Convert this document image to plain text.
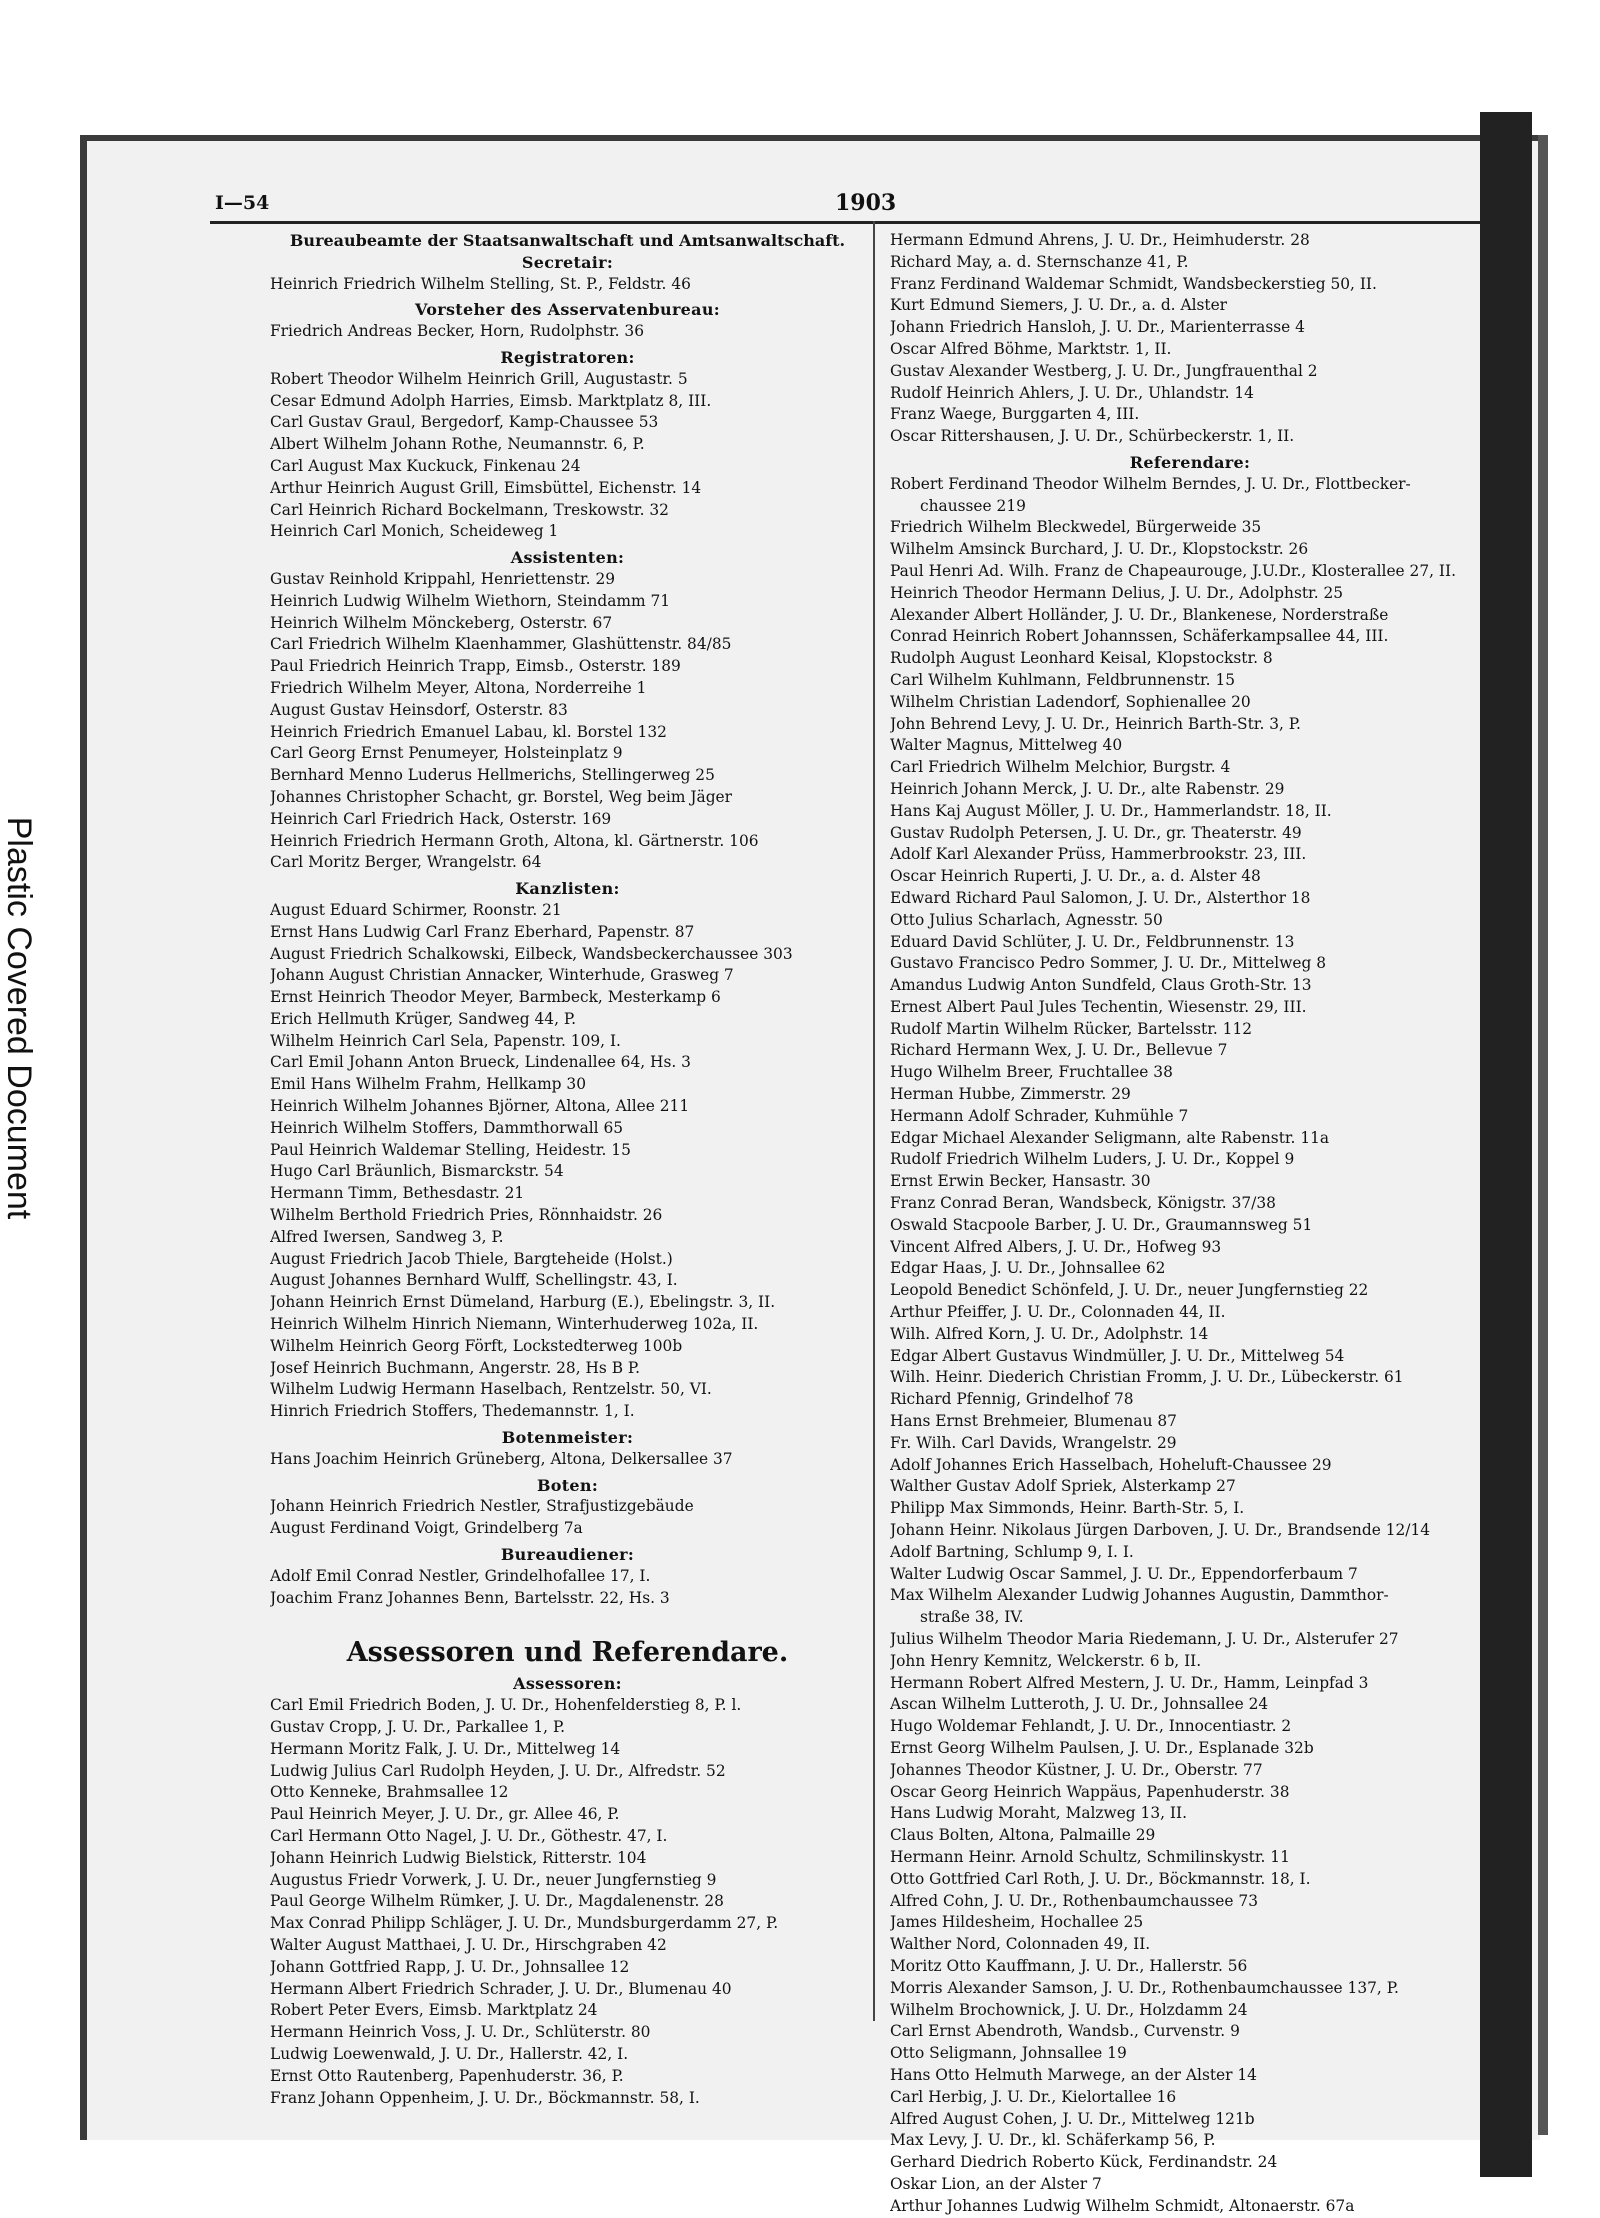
Plastic Covered Document
I—54	1903
Bureaubeamte der Staatsanwaltschaft und Amtsanwaltschaft.
Secretair:
Heinrich Friedrich Wilhelm Stelling, St. P., Feldstr. 46
Vorsteher des Asservatenbureau:
Friedrich Andreas Becker, Horn, Rudolphstr. 36
Registratoren:
Robert Theodor Wilhelm Heinrich Grill, Augustastr. 5
Cesar Edmund Adolph Harries, Eimsb. Marktplatz 8, III.
Carl Gustav Graul, Bergedorf, Kamp-Chaussee 53
Albert Wilhelm Johann Rothe, Neumannstr. 6, P.
Carl August Max Kuckuck, Finkenau 24
Arthur Heinrich August Grill, Eimsbüttel, Eichenstr. 14
Carl Heinrich Richard Bockelmann, Treskowstr. 32
Heinrich Carl Monich, Scheideweg 1
Assistenten:
Gustav Reinhold Krippahl, Henriettenstr. 29
Heinrich Ludwig Wilhelm Wiethorn, Steindamm 71
Heinrich Wilhelm Mönckeberg, Osterstr. 67
Carl Friedrich Wilhelm Klaenhammer, Glashüttenstr. 84/85
Paul Friedrich Heinrich Trapp, Eimsb., Osterstr. 189
Friedrich Wilhelm Meyer, Altona, Norderreihe 1
August Gustav Heinsdorf, Osterstr. 83
Heinrich Friedrich Emanuel Labau, kl. Borstel 132
Carl Georg Ernst Penumeyer, Holsteinplatz 9
Bernhard Menno Luderus Hellmerichs, Stellingerweg 25
Johannes Christopher Schacht, gr. Borstel, Weg beim Jäger
Heinrich Carl Friedrich Hack, Osterstr. 169
Heinrich Friedrich Hermann Groth, Altona, kl. Gärtnerstr. 106
Carl Moritz Berger, Wrangelstr. 64
Kanzlisten:
August Eduard Schirmer, Roonstr. 21
Ernst Hans Ludwig Carl Franz Eberhard, Papenstr. 87
August Friedrich Schalkowski, Eilbeck, Wandsbeckerchaussee 303
Johann August Christian Annacker, Winterhude, Grasweg 7
Ernst Heinrich Theodor Meyer, Barmbeck, Mesterkamp 6
Erich Hellmuth Krüger, Sandweg 44, P.
Wilhelm Heinrich Carl Sela, Papenstr. 109, I.
Carl Emil Johann Anton Brueck, Lindenallee 64, Hs. 3
Emil Hans Wilhelm Frahm, Hellkamp 30
Heinrich Wilhelm Johannes Björner, Altona, Allee 211
Heinrich Wilhelm Stoffers, Dammthorwall 65
Paul Heinrich Waldemar Stelling, Heidestr. 15
Hugo Carl Bräunlich, Bismarckstr. 54
Hermann Timm, Bethesdastr. 21
Wilhelm Berthold Friedrich Pries, Rönnhaidstr. 26
Alfred Iwersen, Sandweg 3, P.
August Friedrich Jacob Thiele, Bargteheide (Holst.)
August Johannes Bernhard Wulff, Schellingstr. 43, I.
Johann Heinrich Ernst Dümeland, Harburg (E.), Ebelingstr. 3, II.
Heinrich Wilhelm Hinrich Niemann, Winterhuderweg 102a, II.
Wilhelm Heinrich Georg Förft, Lockstedterweg 100b
Josef Heinrich Buchmann, Angerstr. 28, Hs B P.
Wilhelm Ludwig Hermann Haselbach, Rentzelstr. 50, VI.
Hinrich Friedrich Stoffers, Thedemannstr. 1, I.
Botenmeister:
Hans Joachim Heinrich Grüneberg, Altona, Delkersallee 37
Boten:
Johann Heinrich Friedrich Nestler, Strafjustizgebäude
August Ferdinand Voigt, Grindelberg 7a
Bureaudiener:
Adolf Emil Conrad Nestler, Grindelhofallee 17, I.
Joachim Franz Johannes Benn, Bartelsstr. 22, Hs. 3
Assessoren und Referendare.
Assessoren:
Carl Emil Friedrich Boden, J. U. Dr., Hohenfelderstieg 8, P. l.
Gustav Cropp, J. U. Dr., Parkallee 1, P.
Hermann Moritz Falk, J. U. Dr., Mittelweg 14
Ludwig Julius Carl Rudolph Heyden, J. U. Dr., Alfredstr. 52
Otto Kenneke, Brahmsallee 12
Paul Heinrich Meyer, J. U. Dr., gr. Allee 46, P.
Carl Hermann Otto Nagel, J. U. Dr., Göthestr. 47, I.
Johann Heinrich Ludwig Bielstick, Ritterstr. 104
Augustus Friedr Vorwerk, J. U. Dr., neuer Jungfernstieg 9
Paul George Wilhelm Rümker, J. U. Dr., Magdalenenstr. 28
Max Conrad Philipp Schläger, J. U. Dr., Mundsburgerdamm 27, P.
Walter August Matthaei, J. U. Dr., Hirschgraben 42
Johann Gottfried Rapp, J. U. Dr., Johnsallee 12
Hermann Albert Friedrich Schrader, J. U. Dr., Blumenau 40
Robert Peter Evers, Eimsb. Marktplatz 24
Hermann Heinrich Voss, J. U. Dr., Schlüterstr. 80
Ludwig Loewenwald, J. U. Dr., Hallerstr. 42, I.
Ernst Otto Rautenberg, Papenhuderstr. 36, P.
Franz Johann Oppenheim, J. U. Dr., Böckmannstr. 58, I.
Hermann Edmund Ahrens, J. U. Dr., Heimhuderstr. 28
Richard May, a. d. Sternschanze 41, P.
Franz Ferdinand Waldemar Schmidt, Wandsbeckerstieg 50, II.
Kurt Edmund Siemers, J. U. Dr., a. d. Alster
Johann Friedrich Hansloh, J. U. Dr., Marienterrasse 4
Oscar Alfred Böhme, Marktstr. 1, II.
Gustav Alexander Westberg, J. U. Dr., Jungfrauenthal 2
Rudolf Heinrich Ahlers, J. U. Dr., Uhlandstr. 14
Franz Waege, Burggarten 4, III.
Oscar Rittershausen, J. U. Dr., Schürbeckerstr. 1, II.
Referendare:
Robert Ferdinand Theodor Wilhelm Berndes, J. U. Dr., Flottbecker-
chaussee 219
Friedrich Wilhelm Bleckwedel, Bürgerweide 35
Wilhelm Amsinck Burchard, J. U. Dr., Klopstockstr. 26
Paul Henri Ad. Wilh. Franz de Chapeaurouge, J.U.Dr., Klosterallee 27, II.
Heinrich Theodor Hermann Delius, J. U. Dr., Adolphstr. 25
Alexander Albert Holländer, J. U. Dr., Blankenese, Norderstraße
Conrad Heinrich Robert Johannssen, Schäferkampsallee 44, III.
Rudolph August Leonhard Keisal, Klopstockstr. 8
Carl Wilhelm Kuhlmann, Feldbrunnenstr. 15
Wilhelm Christian Ladendorf, Sophienallee 20
John Behrend Levy, J. U. Dr., Heinrich Barth-Str. 3, P.
Walter Magnus, Mittelweg 40
Carl Friedrich Wilhelm Melchior, Burgstr. 4
Heinrich Johann Merck, J. U. Dr., alte Rabenstr. 29
Hans Kaj August Möller, J. U. Dr., Hammerlandstr. 18, II.
Gustav Rudolph Petersen, J. U. Dr., gr. Theaterstr. 49
Adolf Karl Alexander Prüss, Hammerbrookstr. 23, III.
Oscar Heinrich Ruperti, J. U. Dr., a. d. Alster 48
Edward Richard Paul Salomon, J. U. Dr., Alsterthor 18
Otto Julius Scharlach, Agnesstr. 50
Eduard David Schlüter, J. U. Dr., Feldbrunnenstr. 13
Gustavo Francisco Pedro Sommer, J. U. Dr., Mittelweg 8
Amandus Ludwig Anton Sundfeld, Claus Groth-Str. 13
Ernest Albert Paul Jules Techentin, Wiesenstr. 29, III.
Rudolf Martin Wilhelm Rücker, Bartelsstr. 112
Richard Hermann Wex, J. U. Dr., Bellevue 7
Hugo Wilhelm Breer, Fruchtallee 38
Herman Hubbe, Zimmerstr. 29
Hermann Adolf Schrader, Kuhmühle 7
Edgar Michael Alexander Seligmann, alte Rabenstr. 11a
Rudolf Friedrich Wilhelm Luders, J. U. Dr., Koppel 9
Ernst Erwin Becker, Hansastr. 30
Franz Conrad Beran, Wandsbeck, Königstr. 37/38
Oswald Stacpoole Barber, J. U. Dr., Graumannsweg 51
Vincent Alfred Albers, J. U. Dr., Hofweg 93
Edgar Haas, J. U. Dr., Johnsallee 62
Leopold Benedict Schönfeld, J. U. Dr., neuer Jungfernstieg 22
Arthur Pfeiffer, J. U. Dr., Colonnaden 44, II.
Wilh. Alfred Korn, J. U. Dr., Adolphstr. 14
Edgar Albert Gustavus Windmüller, J. U. Dr., Mittelweg 54
Wilh. Heinr. Diederich Christian Fromm, J. U. Dr., Lübeckerstr. 61
Richard Pfennig, Grindelhof 78
Hans Ernst Brehmeier, Blumenau 87
Fr. Wilh. Carl Davids, Wrangelstr. 29
Adolf Johannes Erich Hasselbach, Hoheluft-Chaussee 29
Walther Gustav Adolf Spriek, Alsterkamp 27
Philipp Max Simmonds, Heinr. Barth-Str. 5, I.
Johann Heinr. Nikolaus Jürgen Darboven, J. U. Dr., Brandsende 12/14
Adolf Bartning, Schlump 9, I. I.
Walter Ludwig Oscar Sammel, J. U. Dr., Eppendorferbaum 7
Max Wilhelm Alexander Ludwig Johannes Augustin, Dammthor-
straße 38, IV.
Julius Wilhelm Theodor Maria Riedemann, J. U. Dr., Alsterufer 27
John Henry Kemnitz, Welckerstr. 6 b, II.
Hermann Robert Alfred Mestern, J. U. Dr., Hamm, Leinpfad 3
Ascan Wilhelm Lutteroth, J. U. Dr., Johnsallee 24
Hugo Woldemar Fehlandt, J. U. Dr., Innocentiastr. 2
Ernst Georg Wilhelm Paulsen, J. U. Dr., Esplanade 32b
Johannes Theodor Küstner, J. U. Dr., Oberstr. 77
Oscar Georg Heinrich Wappäus, Papenhuderstr. 38
Hans Ludwig Moraht, Malzweg 13, II.
Claus Bolten, Altona, Palmaille 29
Hermann Heinr. Arnold Schultz, Schmilinskystr. 11
Otto Gottfried Carl Roth, J. U. Dr., Böckmannstr. 18, I.
Alfred Cohn, J. U. Dr., Rothenbaumchaussee 73
James Hildesheim, Hochallee 25
Walther Nord, Colonnaden 49, II.
Moritz Otto Kauffmann, J. U. Dr., Hallerstr. 56
Morris Alexander Samson, J. U. Dr., Rothenbaumchaussee 137, P.
Wilhelm Brochownick, J. U. Dr., Holzdamm 24
Carl Ernst Abendroth, Wandsb., Curvenstr. 9
Otto Seligmann, Johnsallee 19
Hans Otto Helmuth Marwege, an der Alster 14
Carl Herbig, J. U. Dr., Kielortallee 16
Alfred August Cohen, J. U. Dr., Mittelweg 121b
Max Levy, J. U. Dr., kl. Schäferkamp 56, P.
Gerhard Diedrich Roberto Kück, Ferdinandstr. 24
Oskar Lion, an der Alster 7
Arthur Johannes Ludwig Wilhelm Schmidt, Altonaerstr. 67a
